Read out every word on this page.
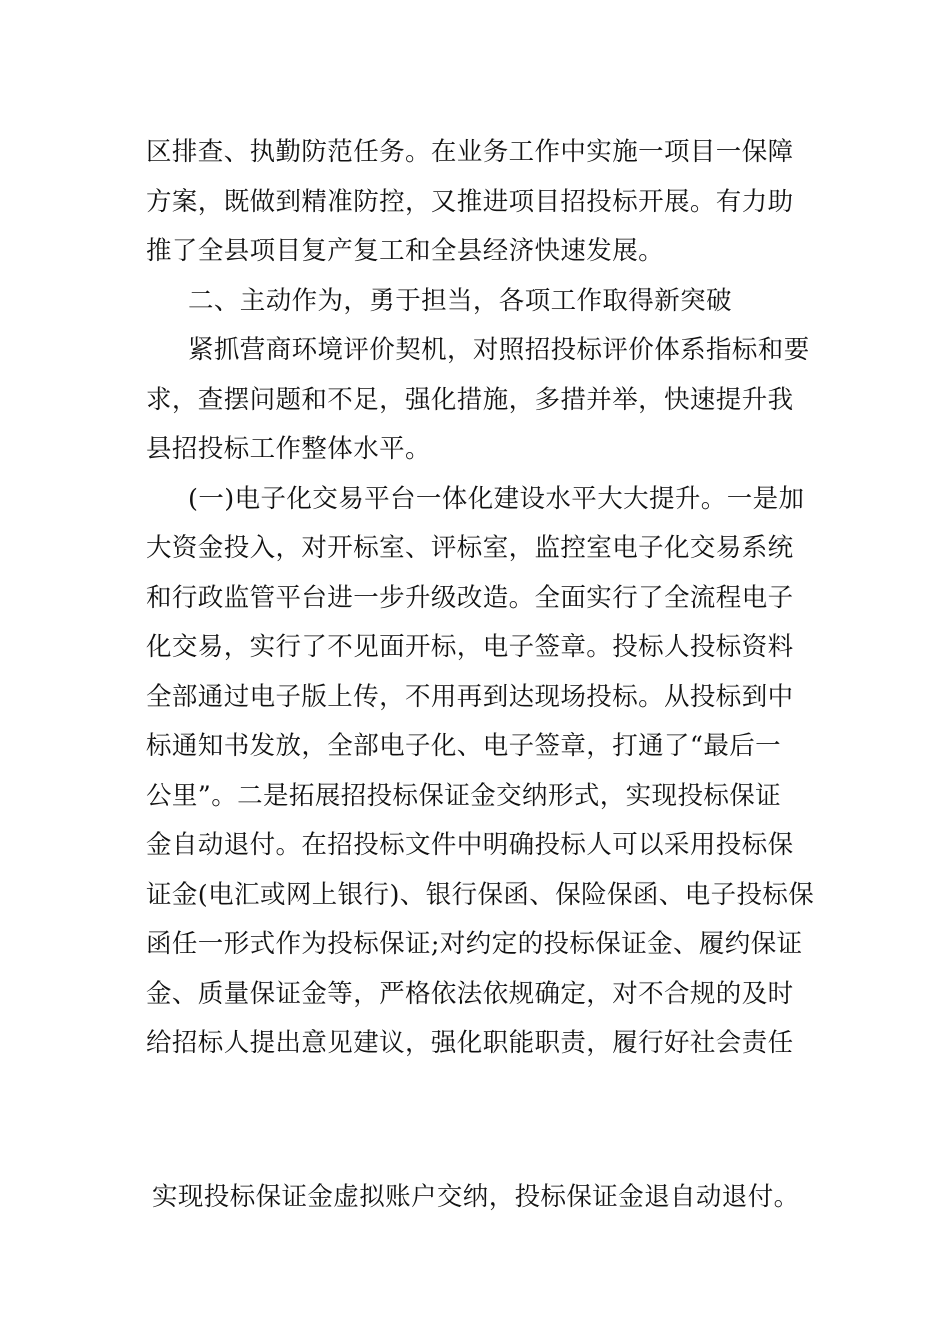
区排查、执勤防范任务。在业务工作中实施一项目一保障
方案，既做到精准防控，又推进项目招投标开展。有力助
推了全县项目复产复工和全县经济快速发展。
二、主动作为，勇于担当，各项工作取得新突破
紧抓营商环境评价契机，对照招投标评价体系指标和要
求，查摆问题和不足，强化措施，多措并举，快速提升我
县招投标工作整体水平。
(一)电子化交易平台一体化建设水平大大提升。一是加
大资金投入，对开标室、评标室，监控室电子化交易系统
和行政监管平台进一步升级改造。全面实行了全流程电子
化交易，实行了不见面开标，电子签章。投标人投标资料
全部通过电子版上传，不用再到达现场投标。从投标到中
标通知书发放，全部电子化、电子签章，打通了“最后一
公里”。二是拓展招投标保证金交纳形式，实现投标保证
金自动退付。在招投标文件中明确投标人可以采用投标保
证金(电汇或网上银行)、银行保函、保险保函、电子投标保
函任一形式作为投标保证;对约定的投标保证金、履约保证
金、质量保证金等，严格依法依规确定，对不合规的及时
给招标人提出意见建议，强化职能职责，履行好社会责任
实现投标保证金虚拟账户交纳，投标保证金退自动退付。
